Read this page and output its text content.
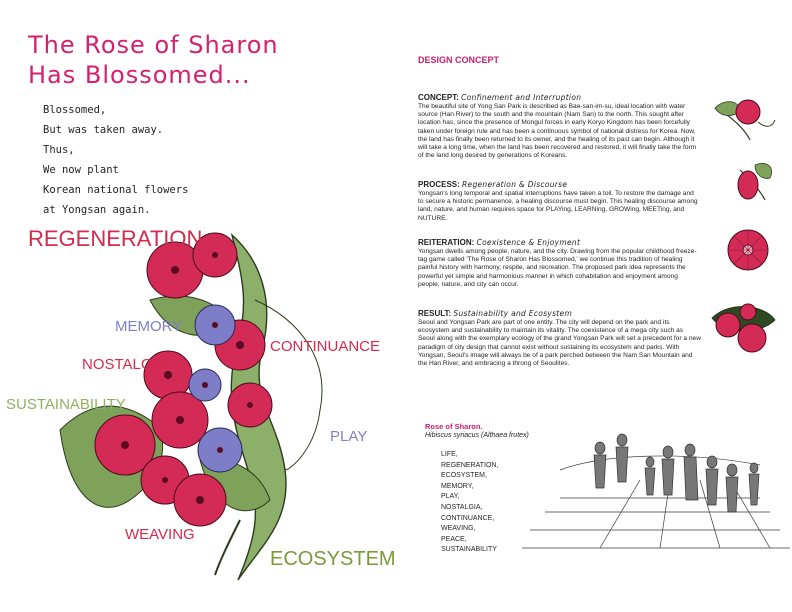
The Rose of Sharon
Has Blossomed...
Blossomed,
But was taken away.
Thus,
We now plant
Korean national flowers
at Yongsan again.
REGENERATION
MEMORY
CONTINUANCE
NOSTALGIA
SUSTAINABILITY
PLAY
WEAVING
ECOSYSTEM
DESIGN CONCEPT
CONCEPT: Confinement and Interruption
The beautiful site of Yong San Park is described as Bae-san-im-su, ideal location with water source (Han River) to the south and the mountain (Nam San) to the north. This sought after location has, since the presence of Mongul forces in early Koryo Kingdom has been forcefully taken under foreign rule and has been a continuous symbol of national distress for Korea. Now, the land has finally been returned to its owner, and the healing of its past can begin. Although it will take a long time, when the land has been recovered and restored, it will finally take the form of the land long desired by generations of Koreans.
PROCESS: Regeneration & Discourse
Yongsan's long temporal and spatial interruptions have taken a toil. To restore the damage and to secure a historic permanence, a healing discourse must begin. This healing discourse among land, nature, and human requires space for PLAYing, LEARNing, GROWing, MEETing, and NUTURE.
REITERATION: Coexistence & Enjoyment
Yongsan dwells among people, nature, and the city. Drawing from the popular childhood freeze-tag game called 'The Rose of Sharon Has Blossomed,' we continue this tradition of healing painful history with harmony, respite, and recreation. The proposed park idea represents the powerful yet simple and harmonious manner in which cohabitation and enjoyment among people, nature, and city can occur.
RESULT: Sustainability and Ecosystem
Seoul and Yongsan Park are part of one entity. The city will depend on the park and its ecosystem and sustainability to maintain its vitality. The coexistence of a mega city such as Seoul along with the exemplary ecology of the grand Yongsan Park will set a precedent for a new paradigm of city design that cannot exist without sustaining its ecosystem and parks. With Yongsan, Seoul's image will always be of a park perched between the Nam San Mountain and the Han River, and embracing a throng of Seoulites.
Rose of Sharon.
Hibiscus syriacus (Althaea frutex)
LIFE,
REGENERATION,
ECOSYSTEM,
MEMORY,
PLAY,
NOSTALGIA,
CONTINUANCE,
WEAVING,
PEACE,
SUSTAINABILITY
